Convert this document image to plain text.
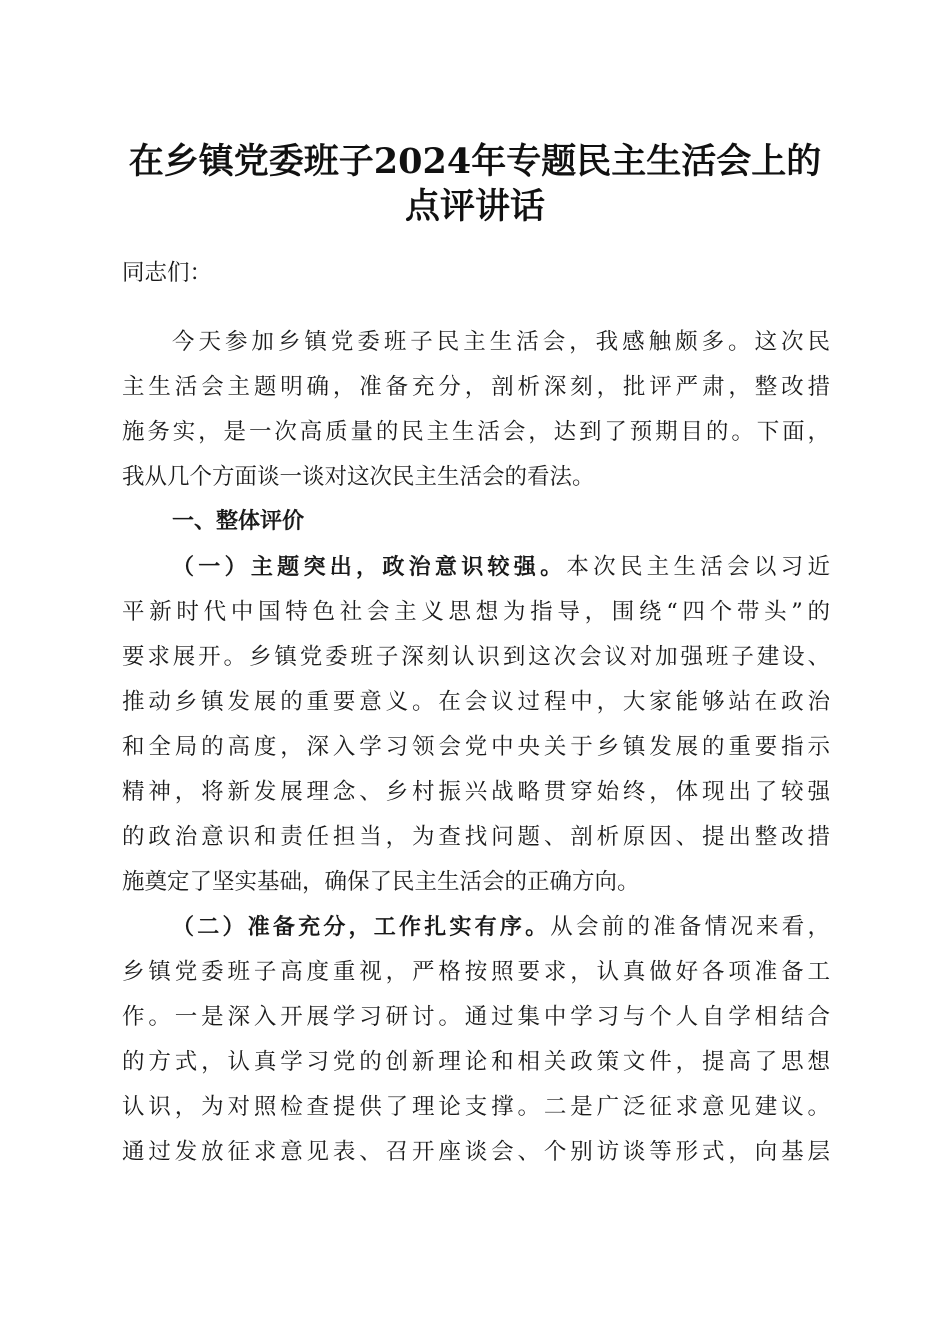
在乡镇党委班子2024年专题民主生活会上的
点评讲话
同志们：
今天参加乡镇党委班子民主生活会，我感触颇多。这次民
主生活会主题明确，准备充分，剖析深刻，批评严肃，整改措
施务实，是一次高质量的民主生活会，达到了预期目的。下面，
我从几个方面谈一谈对这次民主生活会的看法。
一、整体评价
（一）主题突出，政治意识较强。本次民主生活会以习近
平新时代中国特色社会主义思想为指导，围绕“四个带头”的
要求展开。乡镇党委班子深刻认识到这次会议对加强班子建设、
推动乡镇发展的重要意义。在会议过程中，大家能够站在政治
和全局的高度，深入学习领会党中央关于乡镇发展的重要指示
精神，将新发展理念、乡村振兴战略贯穿始终，体现出了较强
的政治意识和责任担当，为查找问题、剖析原因、提出整改措
施奠定了坚实基础，确保了民主生活会的正确方向。
（二）准备充分，工作扎实有序。从会前的准备情况来看，
乡镇党委班子高度重视，严格按照要求，认真做好各项准备工
作。一是深入开展学习研讨。通过集中学习与个人自学相结合
的方式，认真学习党的创新理论和相关政策文件，提高了思想
认识，为对照检查提供了理论支撑。二是广泛征求意见建议。
通过发放征求意见表、召开座谈会、个别访谈等形式，向基层
